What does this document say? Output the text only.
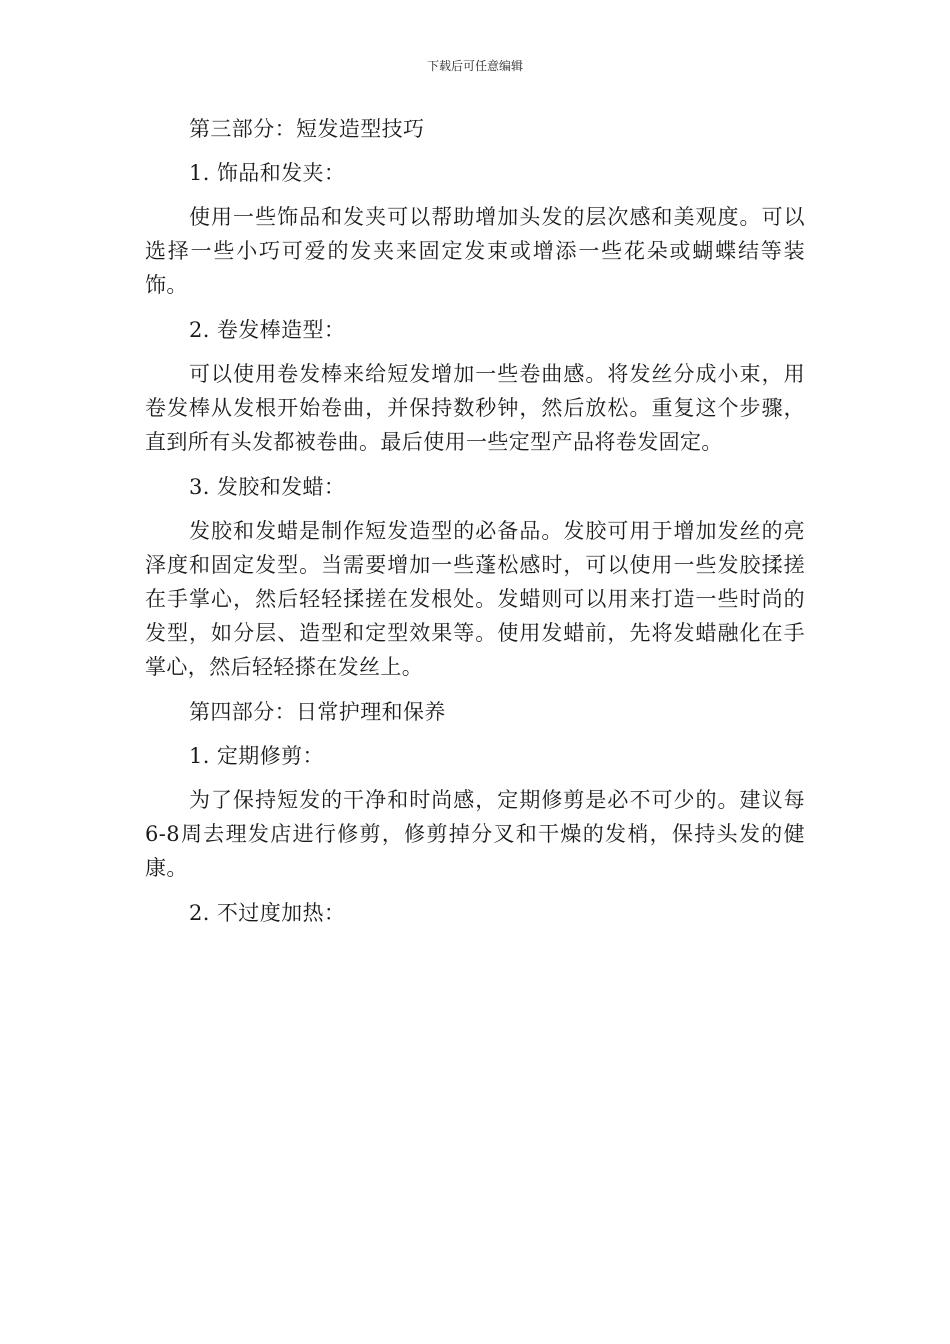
下载后可任意编辑

第三部分：短发造型技巧

1. 饰品和发夹：

使用一些饰品和发夹可以帮助增加头发的层次感和美观度。可以选择一些小巧可爱的发夹来固定发束或增添一些花朵或蝴蝶结等装饰。

2. 卷发棒造型：

可以使用卷发棒来给短发增加一些卷曲感。将发丝分成小束，用卷发棒从发根开始卷曲，并保持数秒钟，然后放松。重复这个步骤，直到所有头发都被卷曲。最后使用一些定型产品将卷发固定。

3. 发胶和发蜡：

发胶和发蜡是制作短发造型的必备品。发胶可用于增加发丝的亮泽度和固定发型。当需要增加一些蓬松感时，可以使用一些发胶揉搓在手掌心，然后轻轻揉搓在发根处。发蜡则可以用来打造一些时尚的发型，如分层、造型和定型效果等。使用发蜡前，先将发蜡融化在手掌心，然后轻轻搽在发丝上。

第四部分：日常护理和保养

1. 定期修剪：

为了保持短发的干净和时尚感，定期修剪是必不可少的。建议每6-8周去理发店进行修剪，修剪掉分叉和干燥的发梢，保持头发的健康。

2. 不过度加热：
